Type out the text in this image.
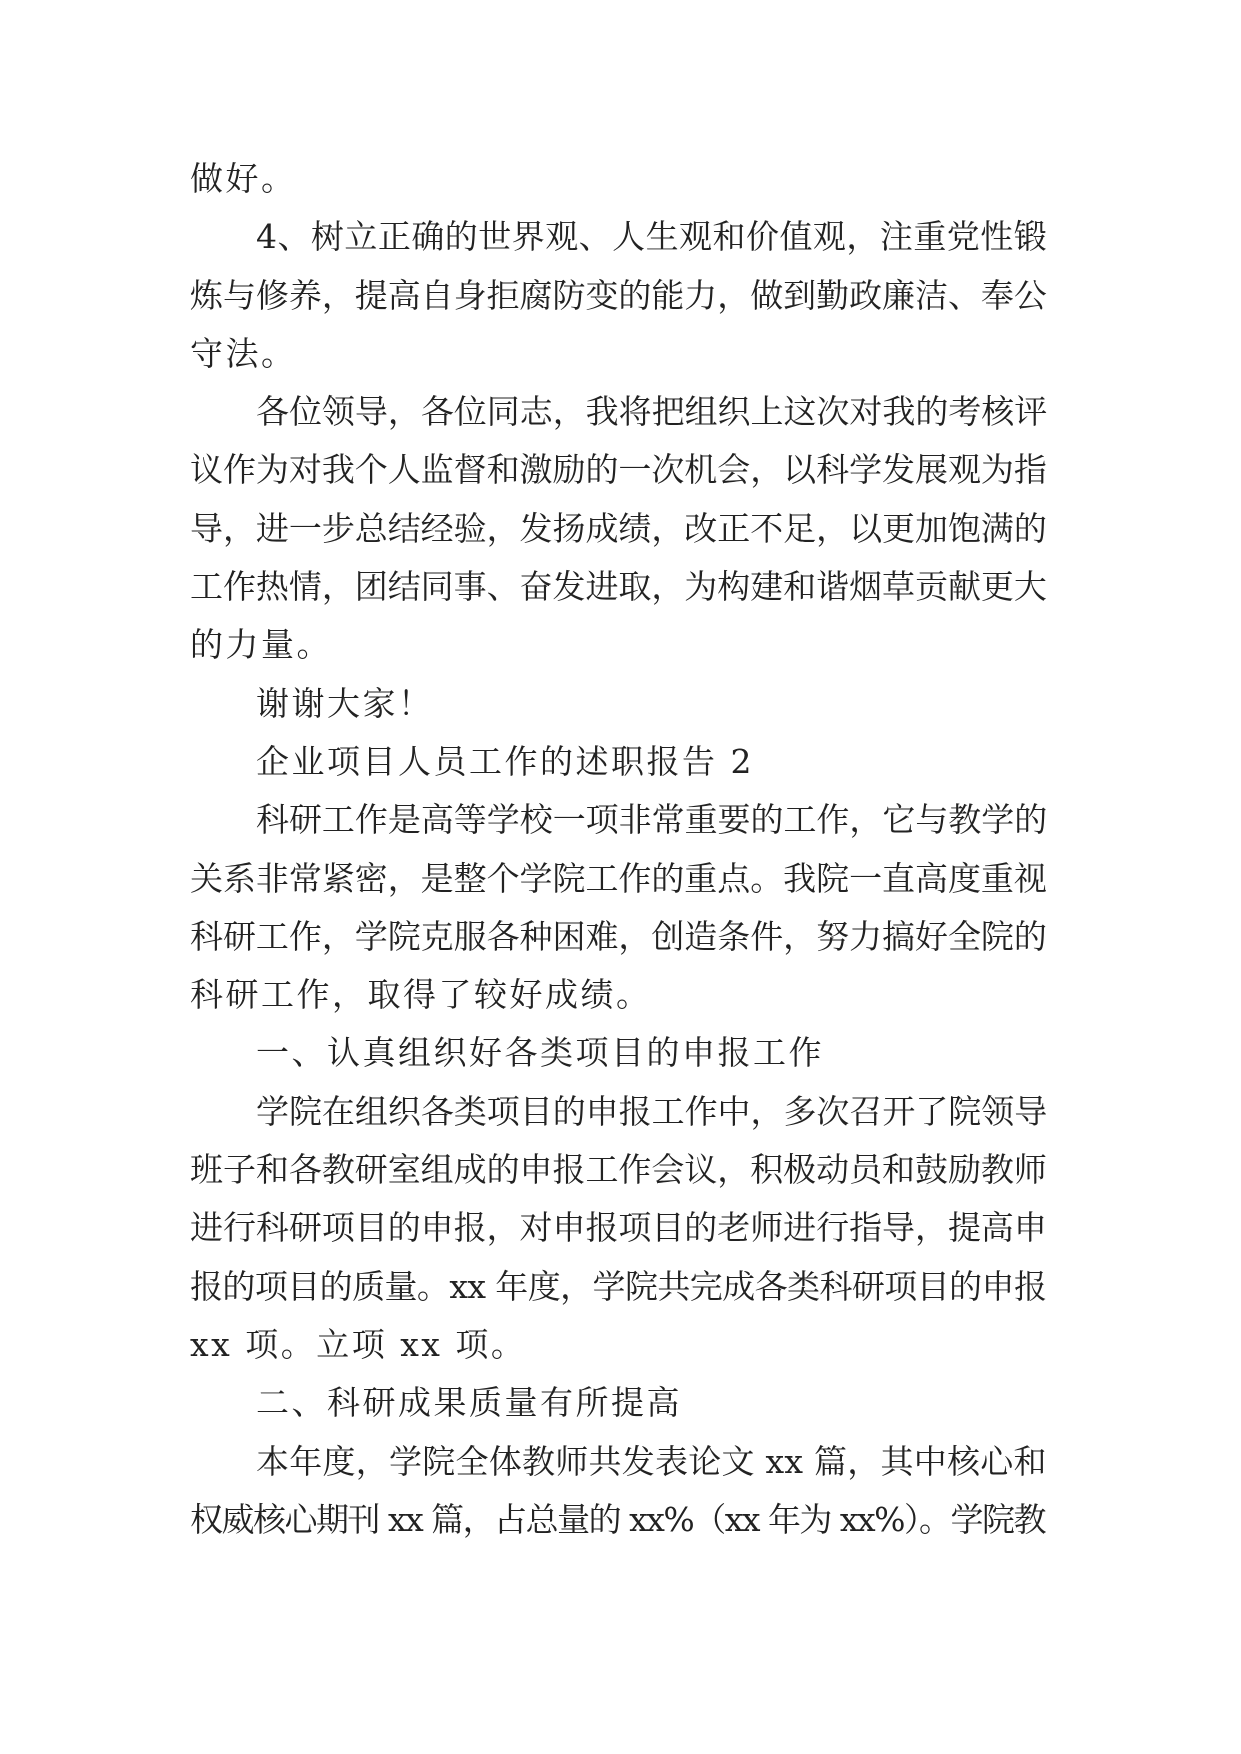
做好。
4、树立正确的世界观、人生观和价值观，注重党性锻
炼与修养，提高自身拒腐防变的能力，做到勤政廉洁、奉公
守法。
各位领导，各位同志，我将把组织上这次对我的考核评
议作为对我个人监督和激励的一次机会，以科学发展观为指
导，进一步总结经验，发扬成绩，改正不足，以更加饱满的
工作热情，团结同事、奋发进取，为构建和谐烟草贡献更大
的力量。
谢谢大家！
企业项目人员工作的述职报告 2
科研工作是高等学校一项非常重要的工作，它与教学的
关系非常紧密，是整个学院工作的重点。我院一直高度重视
科研工作，学院克服各种困难，创造条件，努力搞好全院的
科研工作，取得了较好成绩。
一、认真组织好各类项目的申报工作
学院在组织各类项目的申报工作中，多次召开了院领导
班子和各教研室组成的申报工作会议，积极动员和鼓励教师
进行科研项目的申报，对申报项目的老师进行指导，提高申
报的项目的质量。xx 年度，学院共完成各类科研项目的申报
xx 项。立项 xx 项。
二、科研成果质量有所提高
本年度，学院全体教师共发表论文 xx 篇，其中核心和
权威核心期刊 xx 篇，占总量的 xx%（xx 年为 xx%）。学院教
